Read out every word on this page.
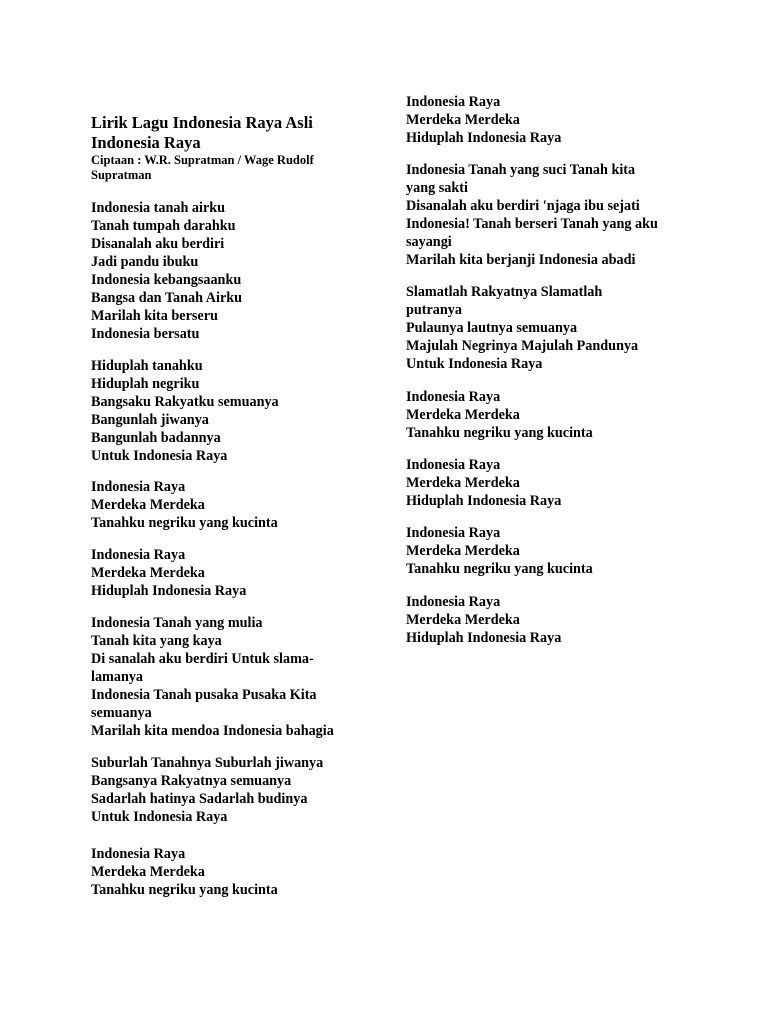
Lirik Lagu Indonesia Raya Asli
Indonesia Raya
Ciptaan : W.R. Supratman / Wage Rudolf Supratman
Indonesia tanah airku
Tanah tumpah darahku
Disanalah aku berdiri
Jadi pandu ibuku
Indonesia kebangsaanku
Bangsa dan Tanah Airku
Marilah kita berseru
Indonesia bersatu
Hiduplah tanahku
Hiduplah negriku
Bangsaku Rakyatku semuanya
Bangunlah jiwanya
Bangunlah badannya
Untuk Indonesia Raya
Indonesia Raya
Merdeka Merdeka
Tanahku negriku yang kucinta
Indonesia Raya
Merdeka Merdeka
Hiduplah Indonesia Raya
Indonesia Tanah yang mulia
Tanah kita yang kaya
Di sanalah aku berdiri Untuk slama-
lamanya
Indonesia Tanah pusaka Pusaka Kita
semuanya
Marilah kita mendoa Indonesia bahagia
Suburlah Tanahnya Suburlah jiwanya
Bangsanya Rakyatnya semuanya
Sadarlah hatinya Sadarlah budinya
Untuk Indonesia Raya
Indonesia Raya
Merdeka Merdeka
Tanahku negriku yang kucinta
Indonesia Raya
Merdeka Merdeka
Hiduplah Indonesia Raya
Indonesia Tanah yang suci Tanah kita
yang sakti
Disanalah aku berdiri 'njaga ibu sejati
Indonesia! Tanah berseri Tanah yang aku
sayangi
Marilah kita berjanji Indonesia abadi
Slamatlah Rakyatnya Slamatlah
putranya
Pulaunya lautnya semuanya
Majulah Negrinya Majulah Pandunya
Untuk Indonesia Raya
Indonesia Raya
Merdeka Merdeka
Tanahku negriku yang kucinta
Indonesia Raya
Merdeka Merdeka
Hiduplah Indonesia Raya
Indonesia Raya
Merdeka Merdeka
Tanahku negriku yang kucinta
Indonesia Raya
Merdeka Merdeka
Hiduplah Indonesia Raya
